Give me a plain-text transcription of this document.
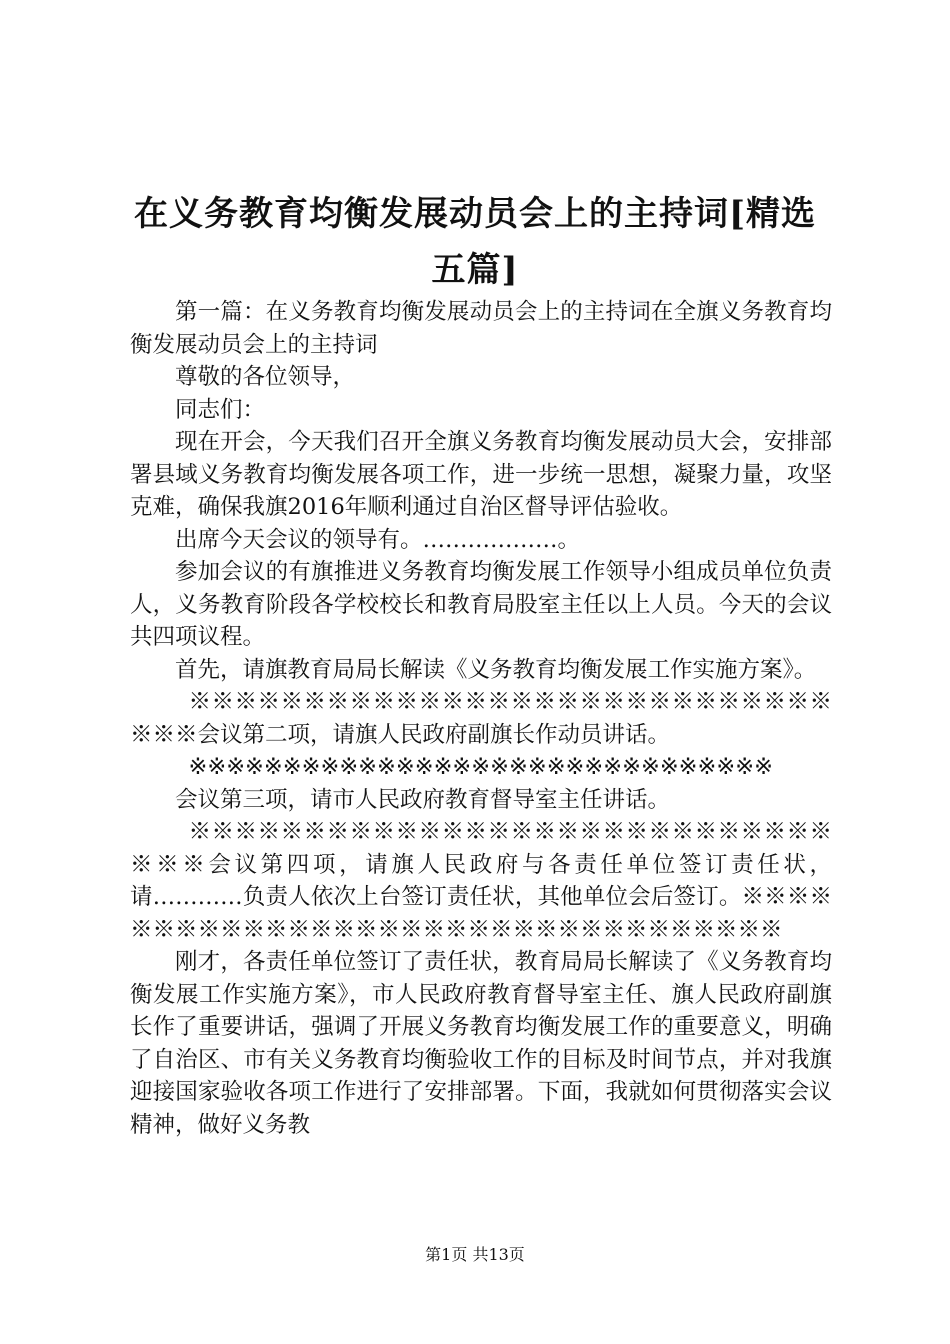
在义务教育均衡发展动员会上的主持词[精选五篇]

第一篇：在义务教育均衡发展动员会上的主持词在全旗义务教育均衡发展动员会上的主持词

尊敬的各位领导，

同志们：

现在开会，今天我们召开全旗义务教育均衡发展动员大会，安排部署县域义务教育均衡发展各项工作，进一步统一思想，凝聚力量，攻坚克难，确保我旗2016年顺利通过自治区督导评估验收。

出席今天会议的领导有。………………。

参加会议的有旗推进义务教育均衡发展工作领导小组成员单位负责人，义务教育阶段各学校校长和教育局股室主任以上人员。今天的会议共四项议程。

首先，请旗教育局局长解读《义务教育均衡发展工作实施方案》。

※※※※※※※※※※※※※※※※※※※※※※※※※※※※※※※会议第二项，请旗人民政府副旗长作动员讲话。

※※※※※※※※※※※※※※※※※※※※※※※※※※※※※※※

会议第三项，请市人民政府教育督导室主任讲话。

※※※※※※※※※※※※※※※※※※※※※※※※※※※※※※※会议第四项，请旗人民政府与各责任单位签订责任状，请…………负责人依次上台签订责任状，其他单位会后签订。※※※※※※※※※※※※※※※※※※※※※※※※※※※※※※※※※

刚才，各责任单位签订了责任状，教育局局长解读了《义务教育均衡发展工作实施方案》，市人民政府教育督导室主任、旗人民政府副旗长作了重要讲话，强调了开展义务教育均衡发展工作的重要意义，明确了自治区、市有关义务教育均衡验收工作的目标及时间节点，并对我旗迎接国家验收各项工作进行了安排部署。下面，我就如何贯彻落实会议精神，做好义务教

第1页 共13页
